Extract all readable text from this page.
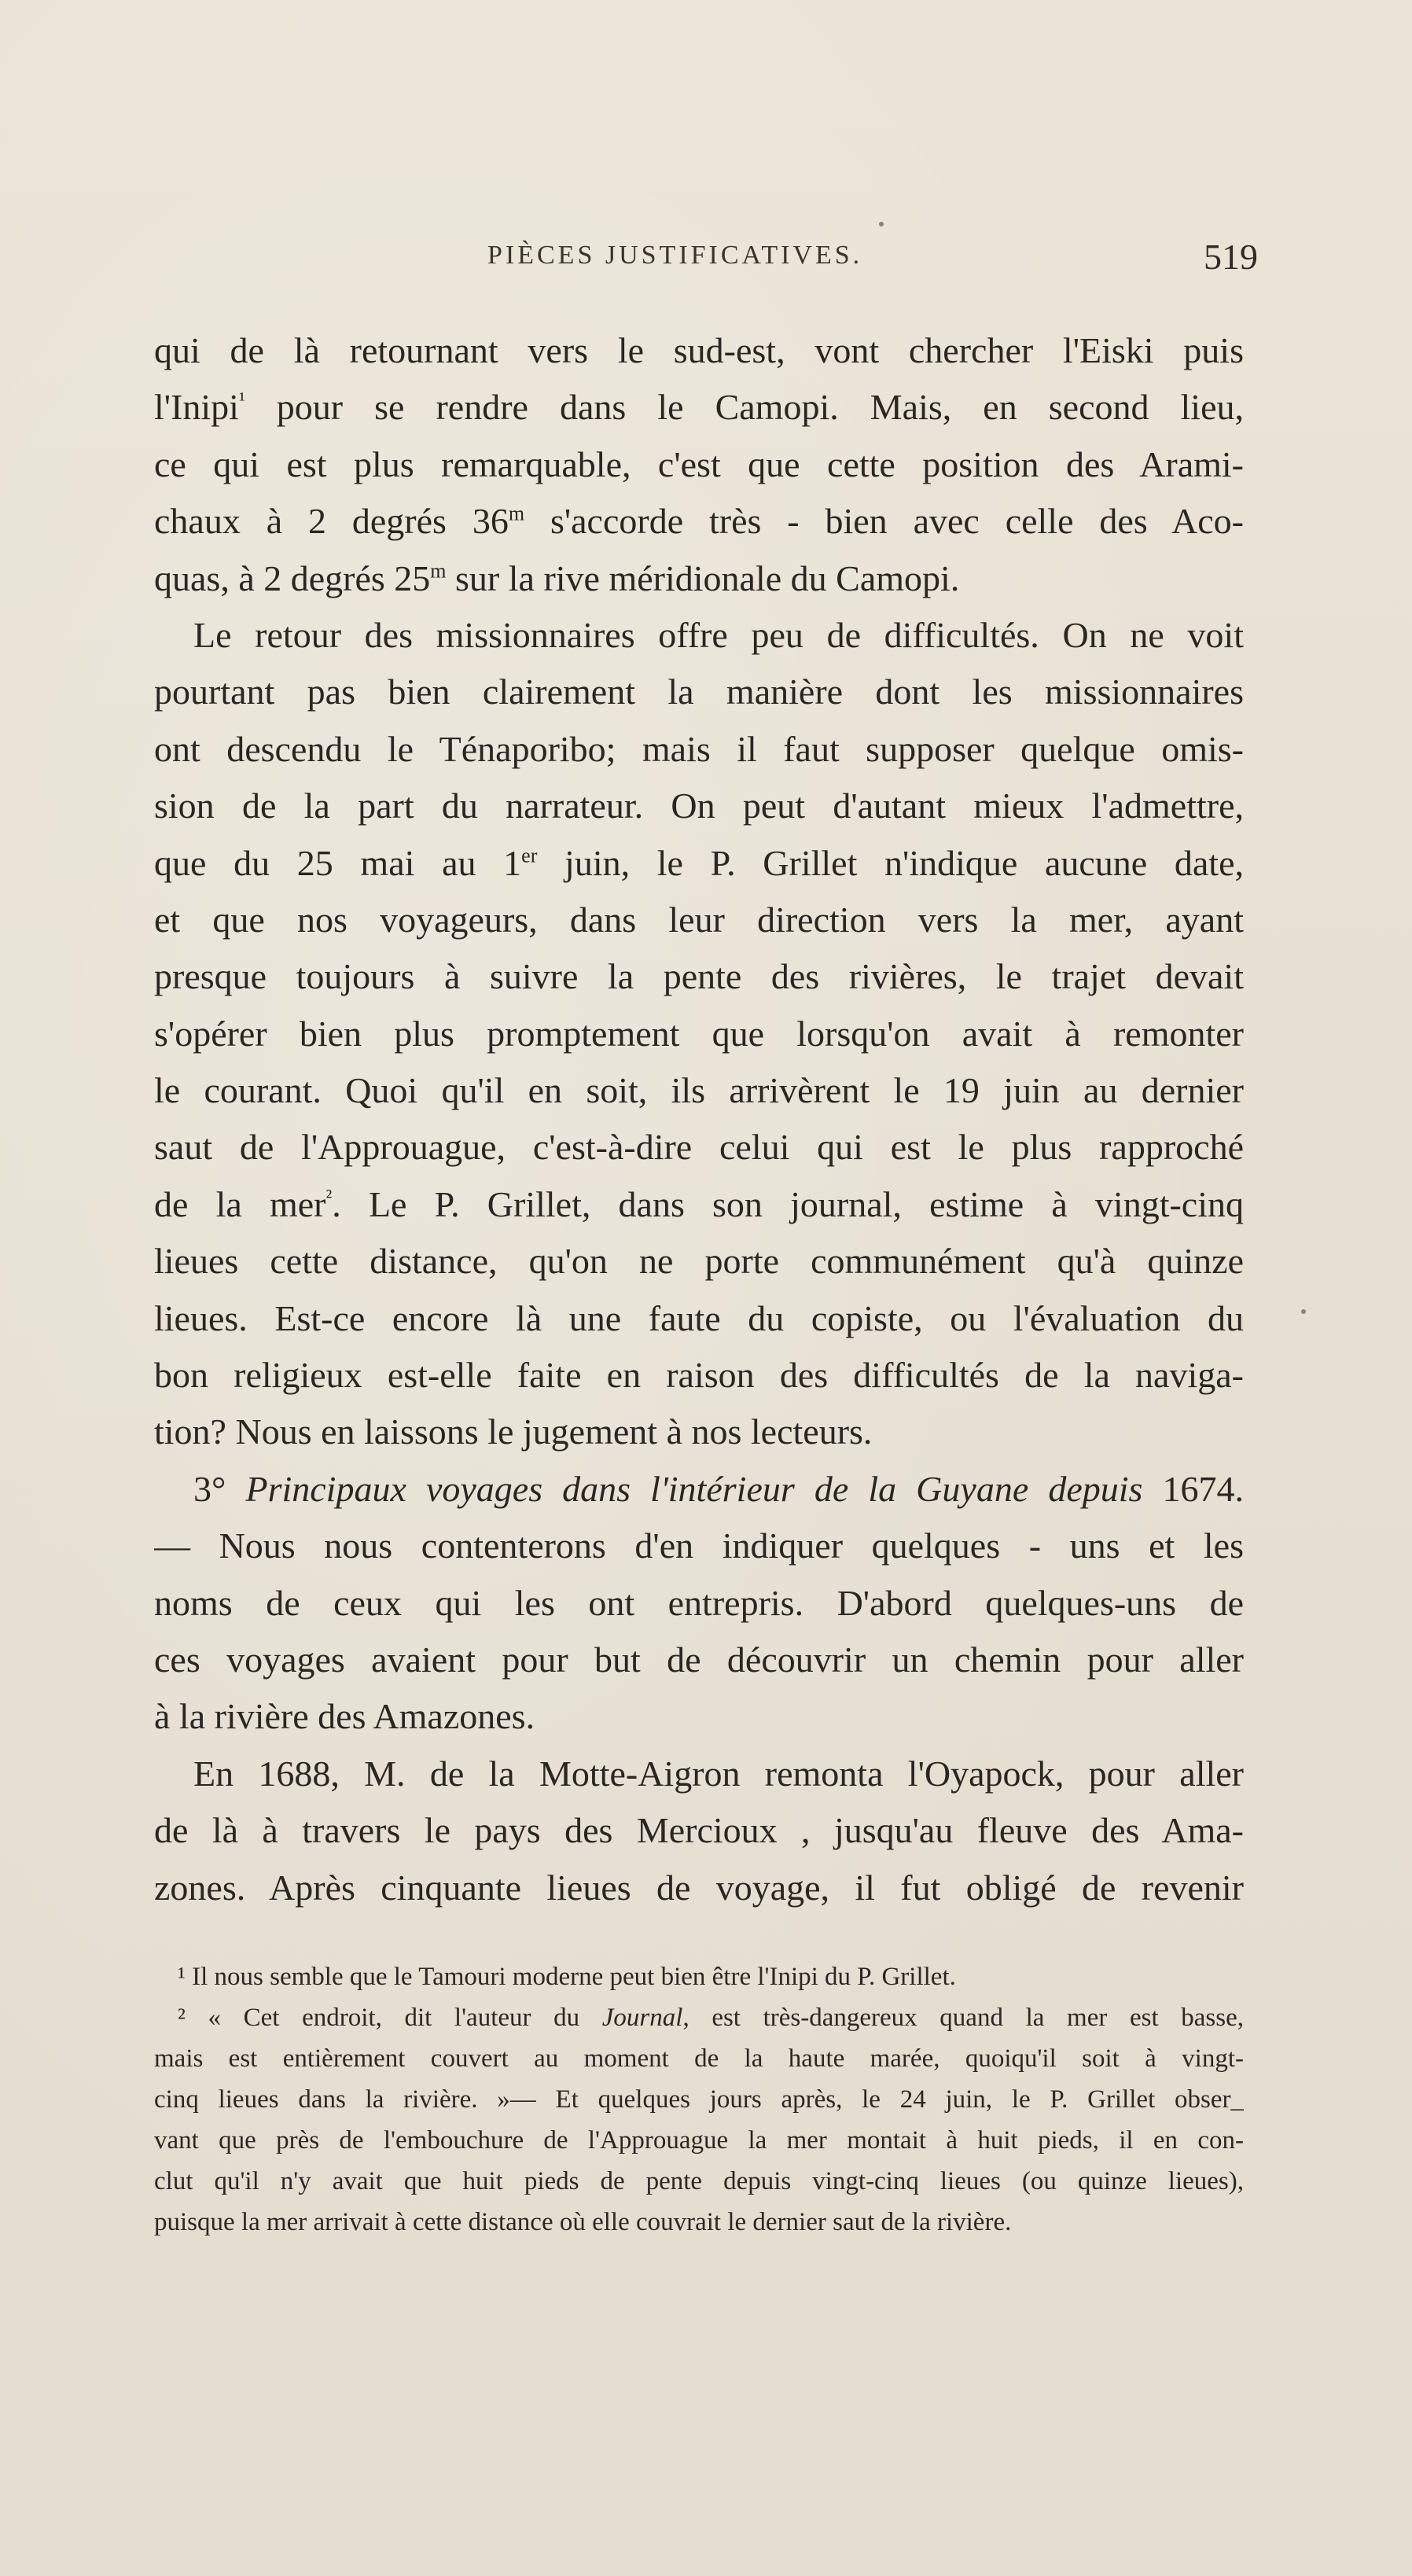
PIÈCES JUSTIFICATIVES.	519
qui de là retournant vers le sud-est, vont chercher l'Eiski puis
l'Inipi$^{^1}$ pour se rendre dans le Camopi. Mais, en second lieu,
ce qui est plus remarquable, c'est que cette position des Arami-
chaux à 2 degrés 36$^m$ s'accorde très - bien avec celle des Aco-
quas, à 2 degrés 25$^m$ sur la rive méridionale du Camopi.
Le retour des missionnaires offre peu de difficultés. On ne voit
pourtant pas bien clairement la manière dont les missionnaires
ont descendu le Ténaporibo; mais il faut supposer quelque omis-
sion de la part du narrateur. On peut d'autant mieux l'admettre,
que du 25 mai au 1er juin, le P. Grillet n'indique aucune date,
et que nos voyageurs, dans leur direction vers la mer, ayant
presque toujours à suivre la pente des rivières, le trajet devait
s'opérer bien plus promptement que lorsqu'on avait à remonter
le courant. Quoi qu'il en soit, ils arrivèrent le 19 juin au dernier
saut de l'Approuague, c'est-à-dire celui qui est le plus rapproché
de la mer$^{^2}$. Le P. Grillet, dans son journal, estime à vingt-cinq
lieues cette distance, qu'on ne porte communément qu'à quinze
lieues. Est-ce encore là une faute du copiste, ou l'évaluation du
bon religieux est-elle faite en raison des difficultés de la naviga-
tion? Nous en laissons le jugement à nos lecteurs.
3° Principaux voyages dans l'intérieur de la Guyane depuis 1674.
— Nous nous contenterons d'en indiquer quelques - uns et les
noms de ceux qui les ont entrepris. D'abord quelques-uns de
ces voyages avaient pour but de découvrir un chemin pour aller
à la rivière des Amazones.
En 1688, M. de la Motte-Aigron remonta l'Oyapock, pour aller
de là à travers le pays des Mercioux , jusqu'au fleuve des Ama-
zones. Après cinquante lieues de voyage, il fut obligé de revenir
¹ Il nous semble que le Tamouri moderne peut bien être l'Inipi du P. Grillet.
² « Cet endroit, dit l'auteur du Journal, est très-dangereux quand la mer est basse,
mais est entièrement couvert au moment de la haute marée, quoiqu'il soit à vingt-
cinq lieues dans la rivière. »— Et quelques jours après, le 24 juin, le P. Grillet obser_
vant que près de l'embouchure de l'Approuague la mer montait à huit pieds, il en con-
clut qu'il n'y avait que huit pieds de pente depuis vingt-cinq lieues (ou quinze lieues),
puisque la mer arrivait à cette distance où elle couvrait le dernier saut de la rivière.
